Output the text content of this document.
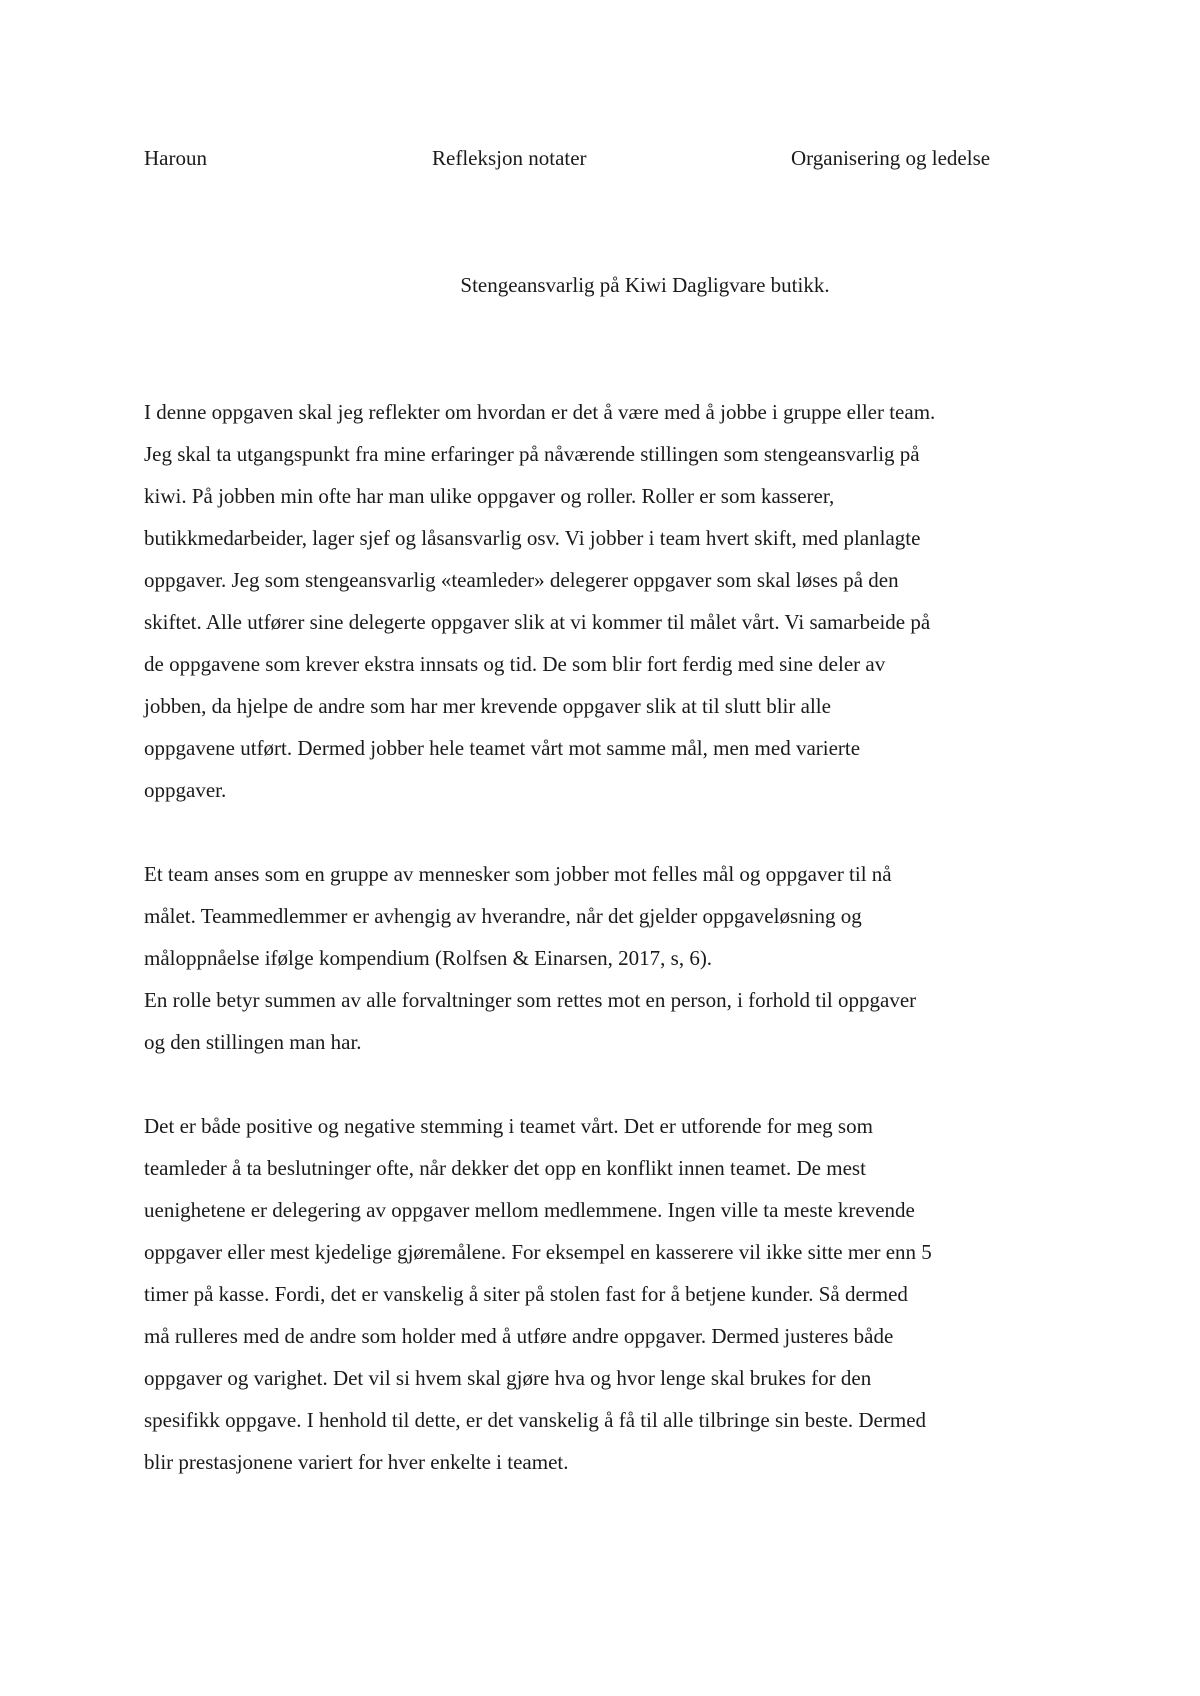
Haroun	Refleksjon notater	Organisering og ledelse
Stengeansvarlig på Kiwi Dagligvare butikk.
I denne oppgaven skal jeg reflekter om hvordan er det å være med å jobbe i gruppe eller team.
Jeg skal ta utgangspunkt fra mine erfaringer på nåværende stillingen som stengeansvarlig på
kiwi. På jobben min ofte har man ulike oppgaver og roller. Roller er som kasserer,
butikkmedarbeider, lager sjef og låsansvarlig osv. Vi jobber i team hvert skift, med planlagte
oppgaver. Jeg som stengeansvarlig «teamleder» delegerer oppgaver som skal løses på den
skiftet. Alle utfører sine delegerte oppgaver slik at vi kommer til målet vårt. Vi samarbeide på
de oppgavene som krever ekstra innsats og tid. De som blir fort ferdig med sine deler av
jobben, da hjelpe de andre som har mer krevende oppgaver slik at til slutt blir alle
oppgavene utført. Dermed jobber hele teamet vårt mot samme mål, men med varierte
oppgaver.
Et team anses som en gruppe av mennesker som jobber mot felles mål og oppgaver til nå
målet. Teammedlemmer er avhengig av hverandre, når det gjelder oppgaveløsning og
måloppnåelse ifølge kompendium (Rolfsen & Einarsen, 2017, s, 6).
En rolle betyr summen av alle forvaltninger som rettes mot en person, i forhold til oppgaver
og den stillingen man har.
Det er både positive og negative stemming i teamet vårt. Det er utforende for meg som
teamleder å ta beslutninger ofte, når dekker det opp en konflikt innen teamet. De mest
uenighetene er delegering av oppgaver mellom medlemmene. Ingen ville ta meste krevende
oppgaver eller mest kjedelige gjøremålene. For eksempel en kasserere vil ikke sitte mer enn 5
timer på kasse. Fordi, det er vanskelig å siter på stolen fast for å betjene kunder. Så dermed
må rulleres med de andre som holder med å utføre andre oppgaver. Dermed justeres både
oppgaver og varighet. Det vil si hvem skal gjøre hva og hvor lenge skal brukes for den
spesifikk oppgave. I henhold til dette, er det vanskelig å få til alle tilbringe sin beste. Dermed
blir prestasjonene variert for hver enkelte i teamet.
